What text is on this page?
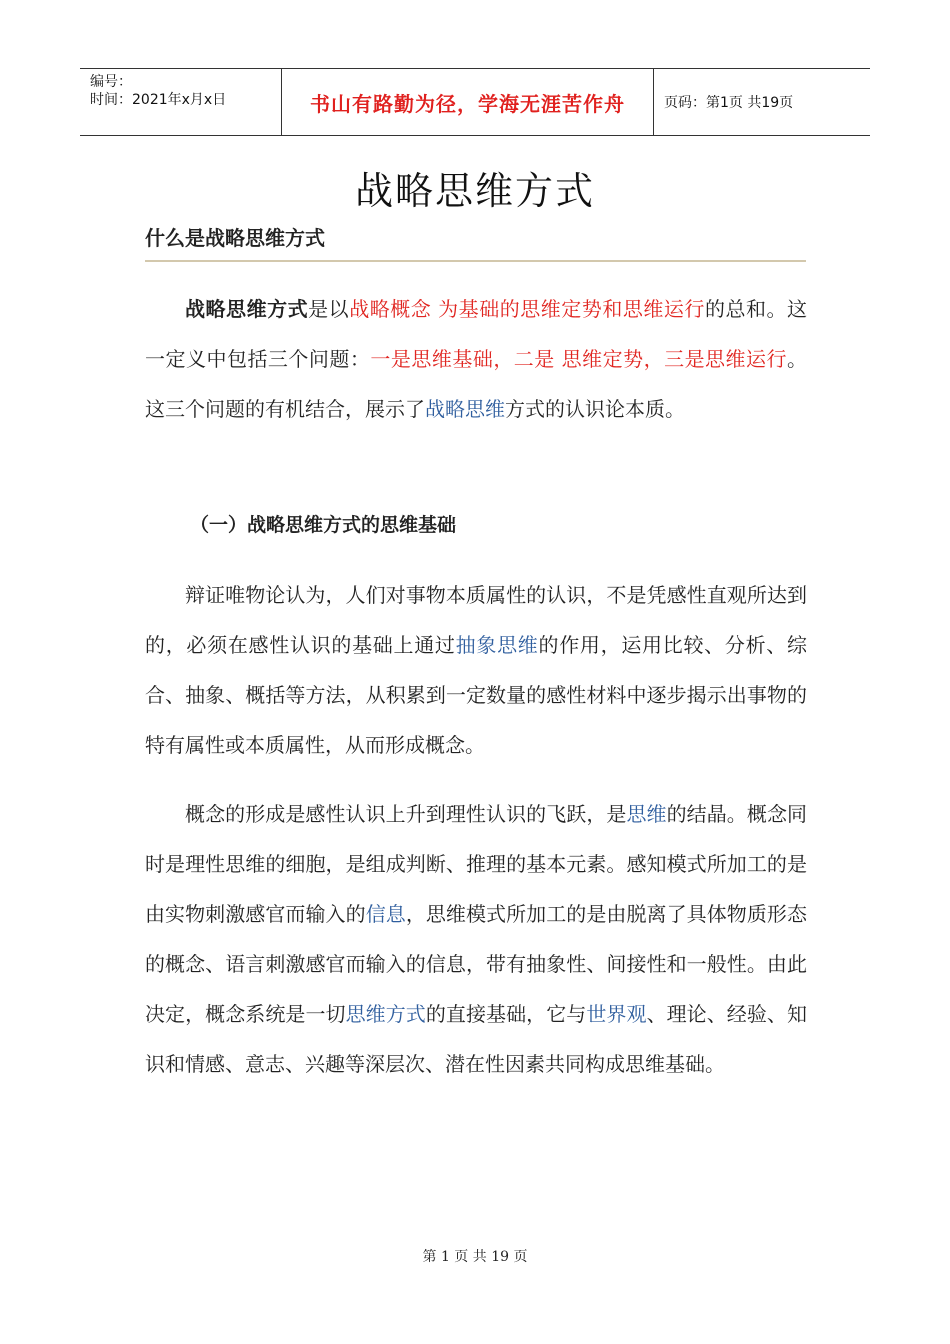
编号：
时间：2021年x月x日	书山有路勤为径，学海无涯苦作舟	页码：第1页 共19页
战略思维方式
什么是战略思维方式
战略思维方式是以战略概念 为基础的思维定势和思维运行的总和。这一定义中包括三个问题：一是思维基础，二是 思维定势，三是思维运行。这三个问题的有机结合，展示了战略思维方式的认识论本质。
（一）战略思维方式的思维基础
辩证唯物论认为，人们对事物本质属性的认识，不是凭感性直观所达到的，必须在感性认识的基础上通过抽象思维的作用，运用比较、分析、综合、抽象、概括等方法，从积累到一定数量的感性材料中逐步揭示出事物的特有属性或本质属性，从而形成概念。
概念的形成是感性认识上升到理性认识的飞跃，是思维的结晶。概念同时是理性思维的细胞，是组成判断、推理的基本元素。感知模式所加工的是由实物刺激感官而输入的信息，思维模式所加工的是由脱离了具体物质形态的概念、语言刺激感官而输入的信息，带有抽象性、间接性和一般性。由此决定，概念系统是一切思维方式的直接基础，它与世界观、理论、经验、知识和情感、意志、兴趣等深层次、潜在性因素共同构成思维基础。
第 1 页 共 19 页
